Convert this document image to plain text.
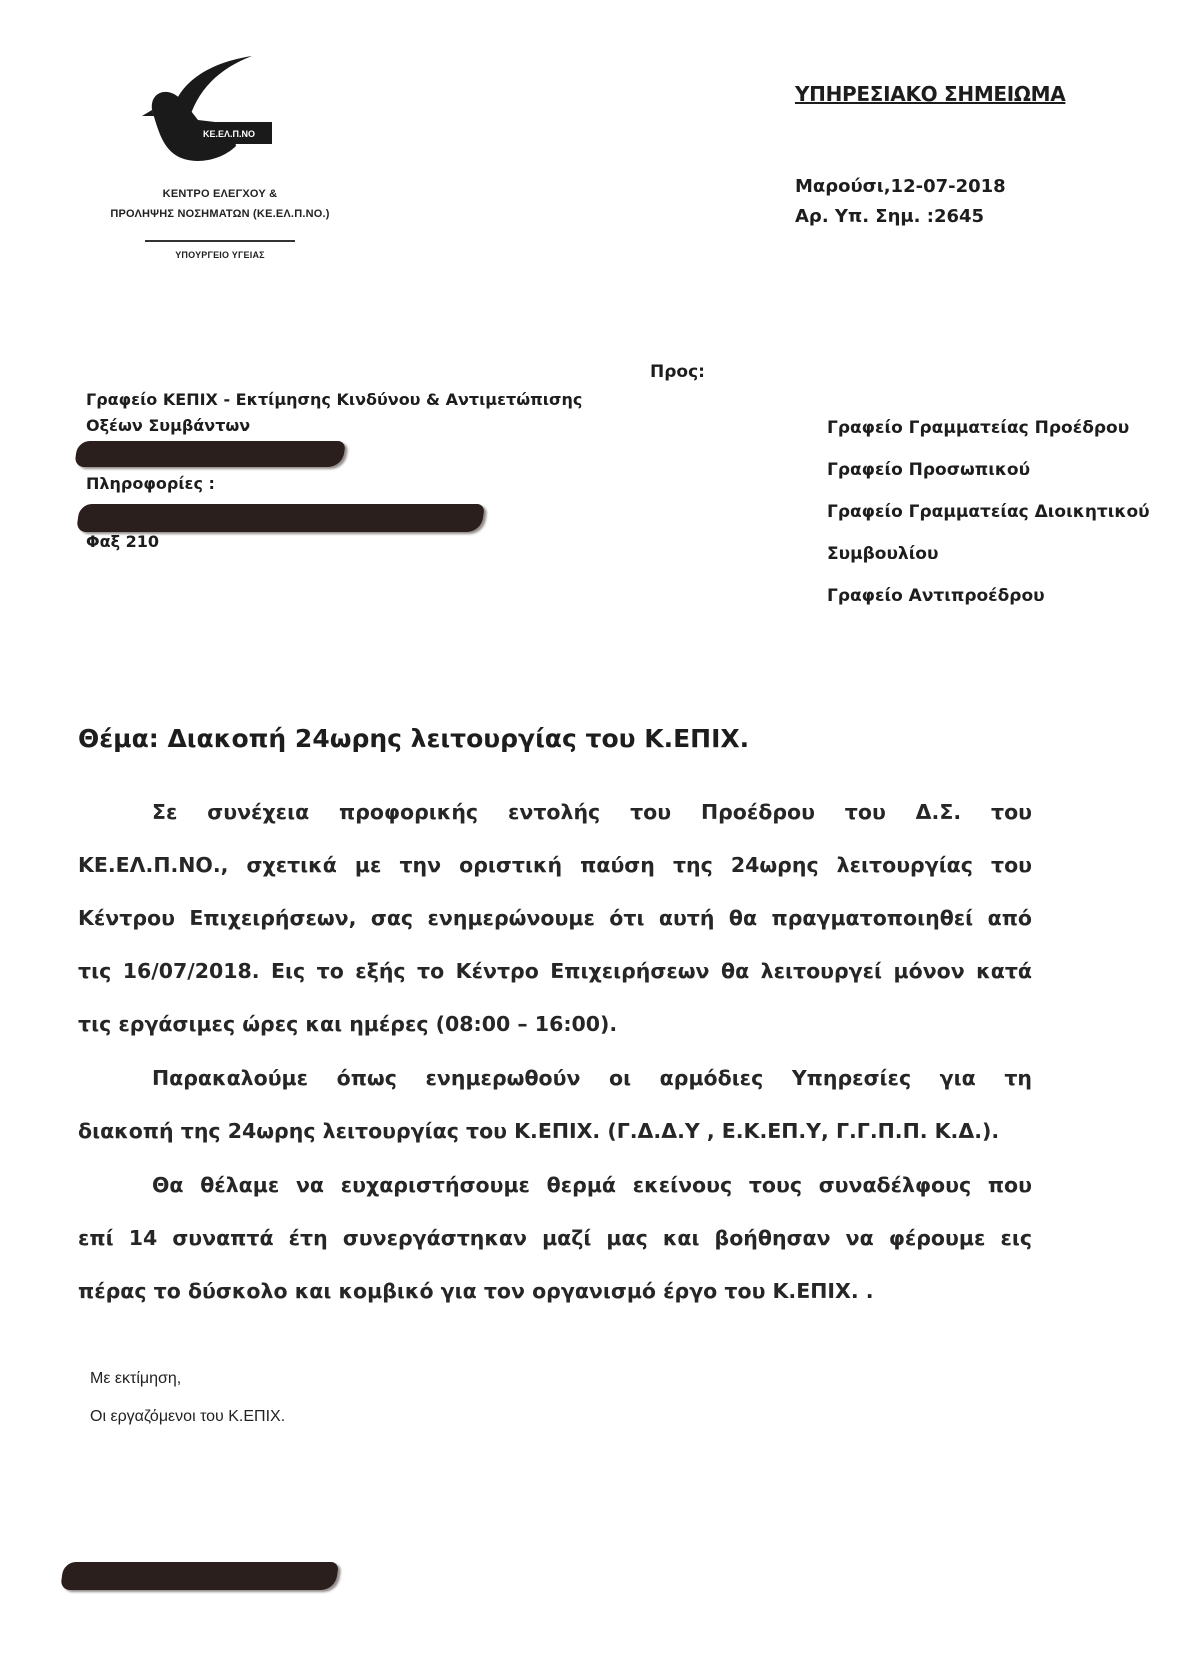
ΚΕ.ΕΛ.Π.ΝΟ
ΚΕΝΤΡΟ ΕΛΕΓΧΟΥ &
ΠΡΟΛΗΨΗΣ ΝΟΣΗΜΑΤΩΝ (ΚΕ.ΕΛ.Π.ΝΟ.)
ΥΠΟΥΡΓΕΙΟ ΥΓΕΙΑΣ
ΥΠΗΡΕΣΙΑΚΟ ΣΗΜΕΙΩΜΑ
Μαρούσι,12-07-2018
Αρ. Υπ. Σημ. :2645
Προς:
Γραφείο ΚΕΠΙΧ - Εκτίμησης Κινδύνου & Αντιμετώπισης
Οξέων Συμβάντων
Πληροφορίες :
Φαξ 210
Γραφείο Γραμματείας Προέδρου
Γραφείο Προσωπικού
Γραφείο Γραμματείας Διοικητικού
Συμβουλίου
Γραφείο Αντιπροέδρου
Θέμα: Διακοπή 24ωρης λειτουργίας του Κ.ΕΠΙΧ.
Σε συνέχεια προφορικής εντολής του Προέδρου του Δ.Σ. του
ΚΕ.ΕΛ.Π.ΝΟ., σχετικά με την οριστική παύση της 24ωρης λειτουργίας του
Κέντρου Επιχειρήσεων, σας ενημερώνουμε ότι αυτή θα πραγματοποιηθεί από
τις 16/07/2018. Εις το εξής το Κέντρο Επιχειρήσεων θα λειτουργεί μόνον κατά
τις εργάσιμες ώρες και ημέρες (08:00 – 16:00).
Παρακαλούμε όπως ενημερωθούν οι αρμόδιες Υπηρεσίες για τη
διακοπή της 24ωρης λειτουργίας του Κ.ΕΠΙΧ. (Γ.Δ.Δ.Υ , Ε.Κ.ΕΠ.Υ, Γ.Γ.Π.Π. Κ.Δ.).
Θα θέλαμε να ευχαριστήσουμε θερμά εκείνους τους συναδέλφους που
επί 14 συναπτά έτη συνεργάστηκαν μαζί μας και βοήθησαν να φέρουμε εις
πέρας το δύσκολο και κομβικό για τον οργανισμό έργο του Κ.ΕΠΙΧ. .
Με εκτίμηση,
Οι εργαζόμενοι του Κ.ΕΠΙΧ.
